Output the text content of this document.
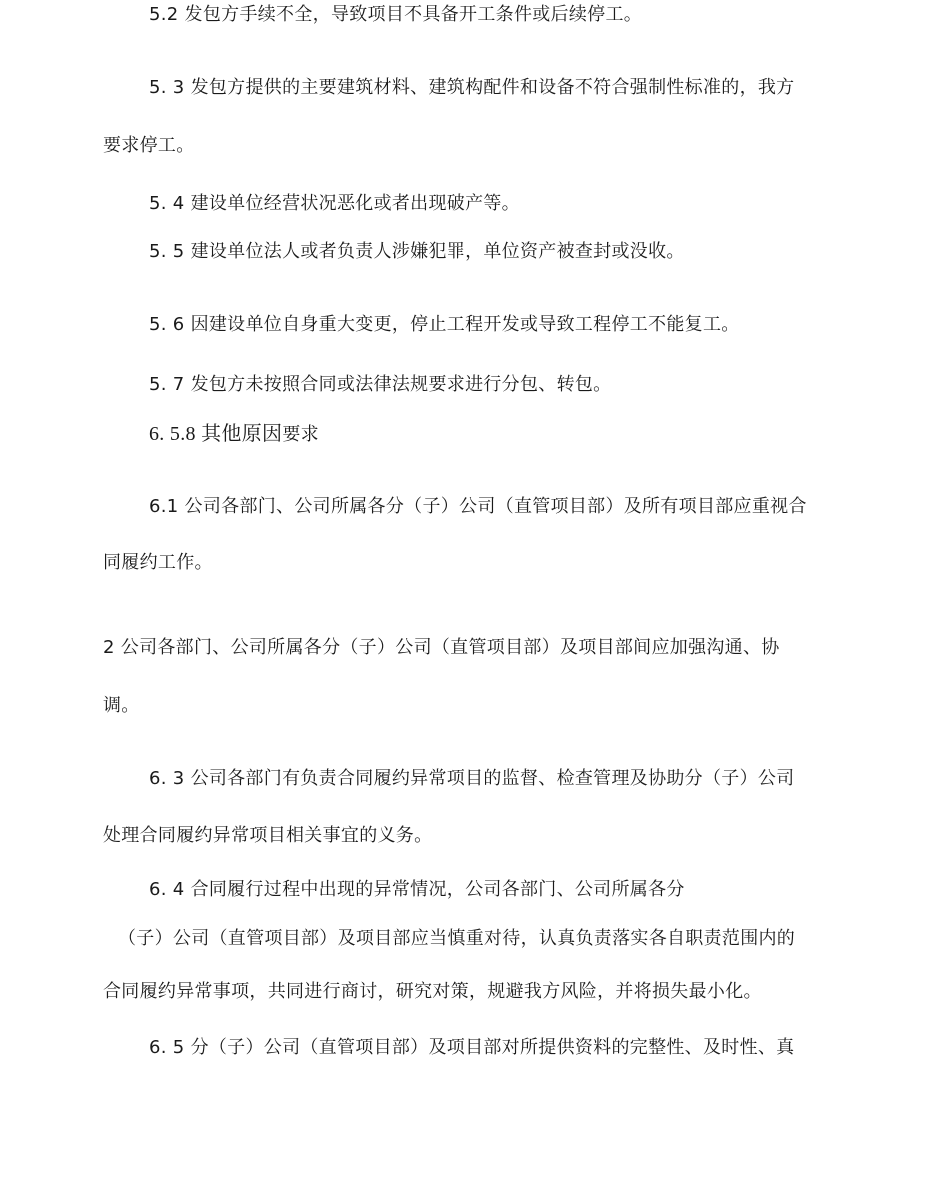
5.2 发包方手续不全，导致项目不具备开工条件或后续停工。
5. 3 发包方提供的主要建筑材料、建筑构配件和设备不符合强制性标准的，我方
要求停工。
5. 4 建设单位经营状况恶化或者出现破产等。
5. 5 建设单位法人或者负责人涉嫌犯罪，单位资产被查封或没收。
5. 6 因建设单位自身重大变更，停止工程开发或导致工程停工不能复工。
5. 7 发包方未按照合同或法律法规要求进行分包、转包。
6. 5.8 其他原因要求
6.1 公司各部门、公司所属各分（子）公司（直管项目部）及所有项目部应重视合
同履约工作。
2 公司各部门、公司所属各分（子）公司（直管项目部）及项目部间应加强沟通、协
调。
6. 3 公司各部门有负责合同履约异常项目的监督、检查管理及协助分（子）公司
处理合同履约异常项目相关事宜的义务。
6. 4 合同履行过程中出现的异常情况，公司各部门、公司所属各分
（子）公司（直管项目部）及项目部应当慎重对待，认真负责落实各自职责范围内的
合同履约异常事项，共同进行商讨，研究对策，规避我方风险，并将损失最小化。
6. 5 分（子）公司（直管项目部）及项目部对所提供资料的完整性、及时性、真
